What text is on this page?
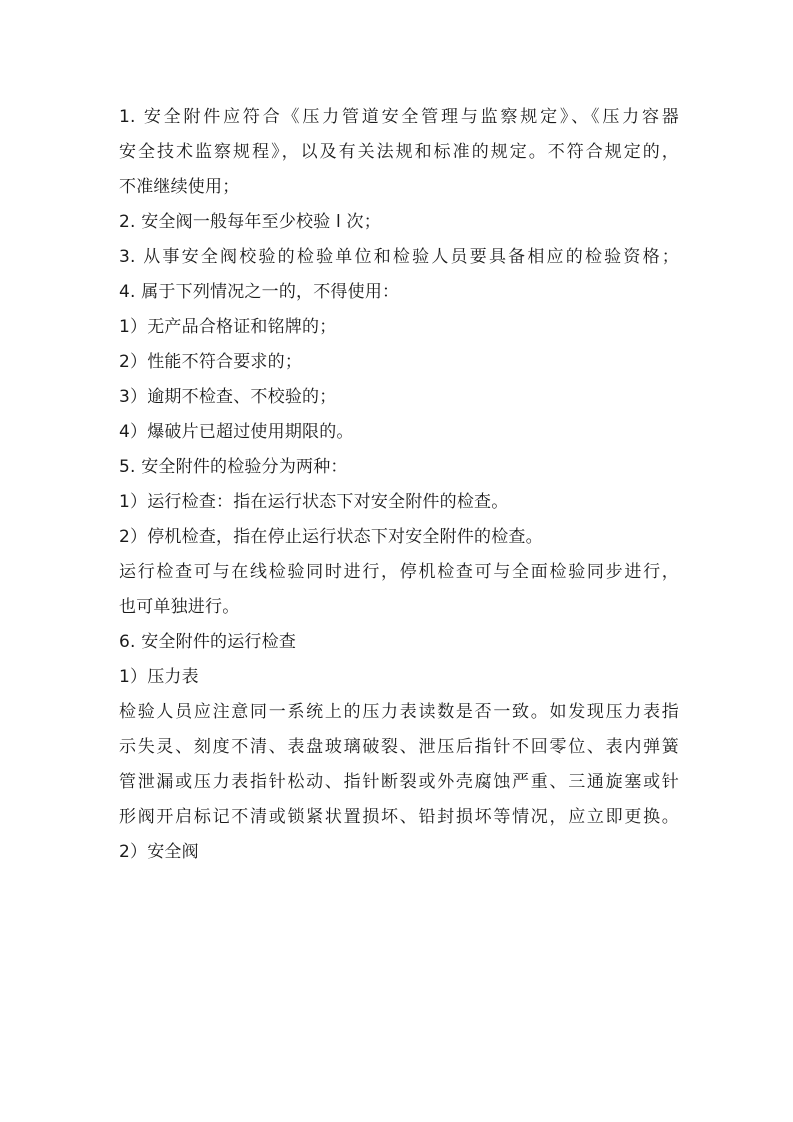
1. 安全附件应符合《压力管道安全管理与监察规定》、《压力容器
安全技术监察规程》，以及有关法规和标准的规定。不符合规定的，
不准继续使用；
2. 安全阀一般每年至少校验 l 次；
3. 从事安全阀校验的检验单位和检验人员要具备相应的检验资格；
4. 属于下列情况之一的，不得使用：
1）无产品合格证和铭牌的；
2）性能不符合要求的；
3）逾期不检查、不校验的；
4）爆破片已超过使用期限的。
5. 安全附件的检验分为两种：
1）运行检查：指在运行状态下对安全附件的检查。
2）停机检查，指在停止运行状态下对安全附件的检查。
运行检查可与在线检验同时进行，停机检查可与全面检验同步进行，
也可单独进行。
6. 安全附件的运行检查
1）压力表
检验人员应注意同一系统上的压力表读数是否一致。如发现压力表指
示失灵、刻度不清、表盘玻璃破裂、泄压后指针不回零位、表内弹簧
管泄漏或压力表指针松动、指针断裂或外壳腐蚀严重、三通旋塞或针
形阀开启标记不清或锁紧状置损坏、铅封损坏等情况，应立即更换。
2）安全阀
